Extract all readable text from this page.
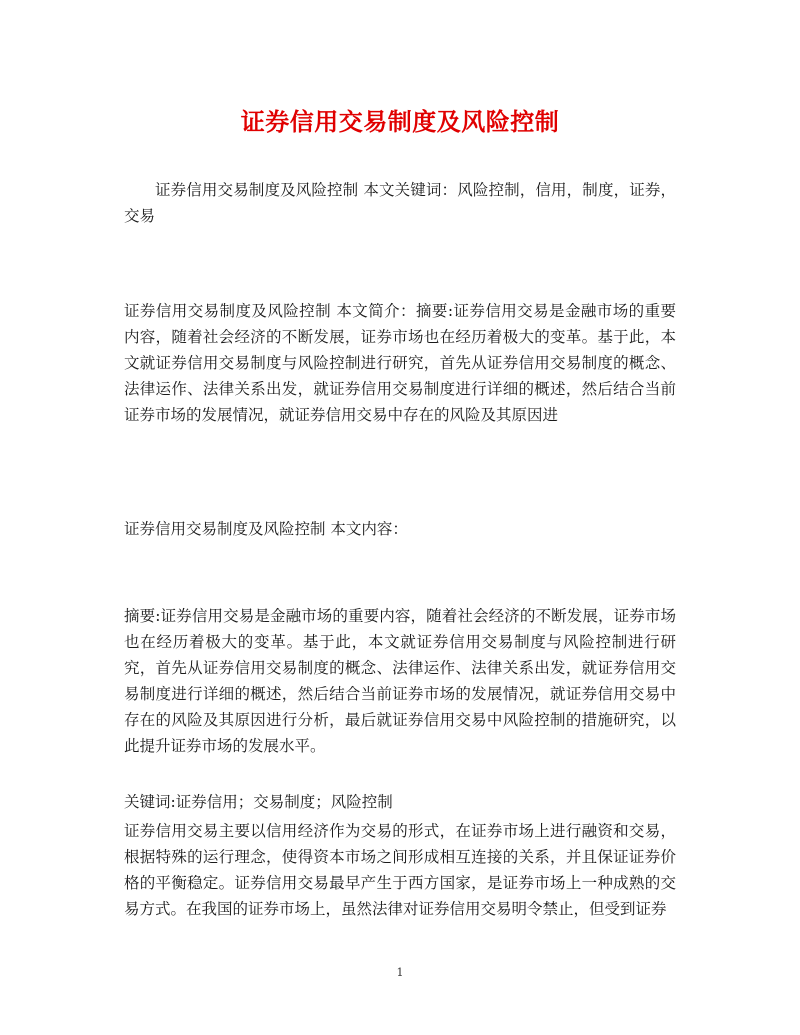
证券信用交易制度及风险控制

证券信用交易制度及风险控制 本文关键词：风险控制，信用，制度，证券，交易

证券信用交易制度及风险控制 本文简介：摘要:证券信用交易是金融市场的重要内容，随着社会经济的不断发展，证券市场也在经历着极大的变革。基于此，本文就证券信用交易制度与风险控制进行研究，首先从证券信用交易制度的概念、法律运作、法律关系出发，就证券信用交易制度进行详细的概述，然后结合当前证券市场的发展情况，就证券信用交易中存在的风险及其原因进

证券信用交易制度及风险控制 本文内容：

摘要:证券信用交易是金融市场的重要内容，随着社会经济的不断发展，证券市场也在经历着极大的变革。基于此，本文就证券信用交易制度与风险控制进行研究，首先从证券信用交易制度的概念、法律运作、法律关系出发，就证券信用交易制度进行详细的概述，然后结合当前证券市场的发展情况，就证券信用交易中存在的风险及其原因进行分析，最后就证券信用交易中风险控制的措施研究，以此提升证券市场的发展水平。

关键词:证券信用；交易制度；风险控制

证券信用交易主要以信用经济作为交易的形式，在证券市场上进行融资和交易，根据特殊的运行理念，使得资本市场之间形成相互连接的关系，并且保证证券价格的平衡稳定。证券信用交易最早产生于西方国家，是证券市场上一种成熟的交易方式。在我国的证券市场上，虽然法律对证券信用交易明令禁止，但受到证券

1
